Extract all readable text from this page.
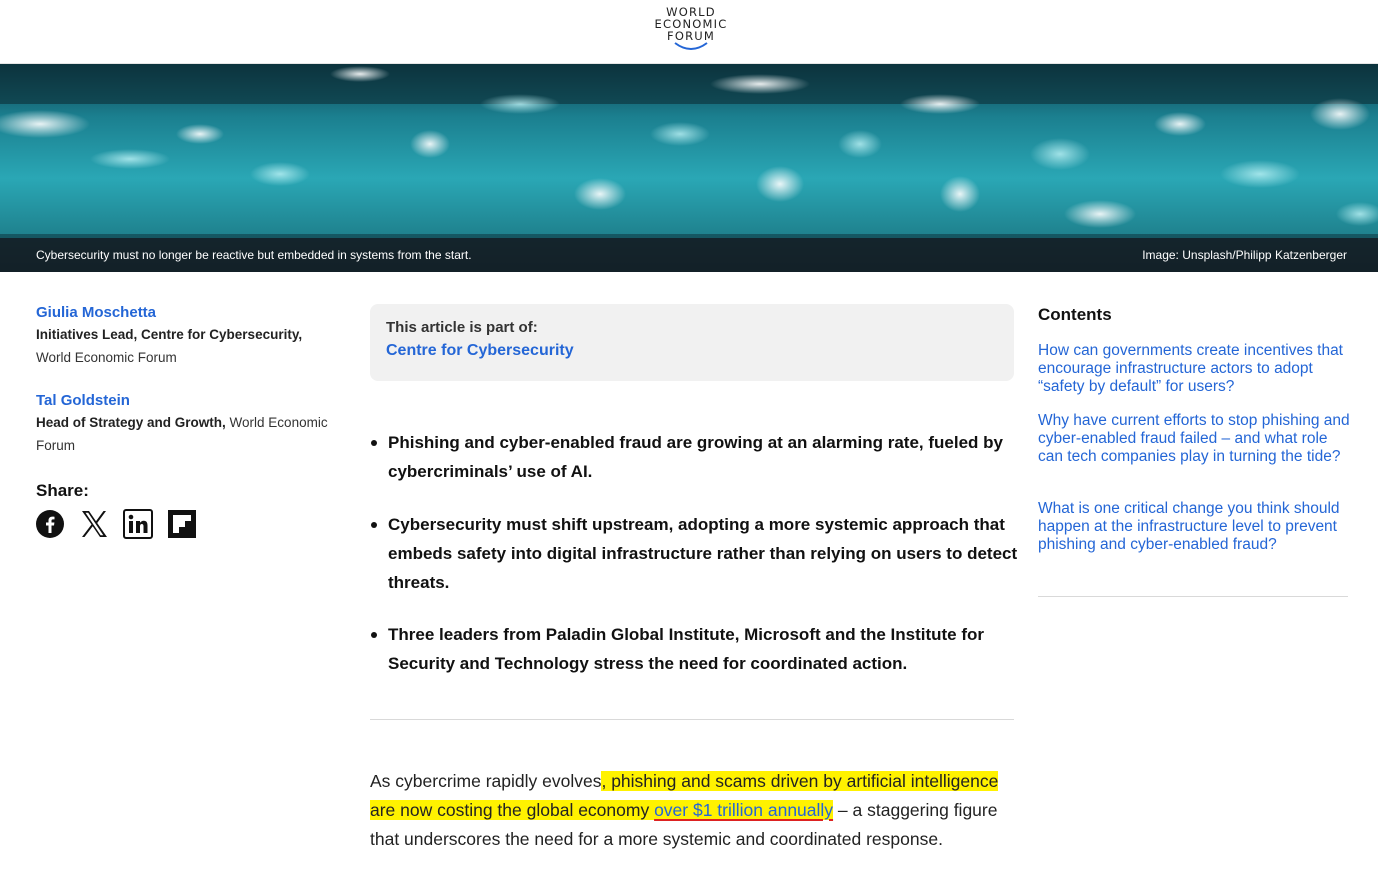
WORLD
ECONOMIC
FORUM
Cybersecurity must no longer be reactive but embedded in systems from the start.	Image: Unsplash/Philipp Katzenberger
Giulia Moschetta
Initiatives Lead, Centre for Cybersecurity,
World Economic Forum
Tal Goldstein
Head of Strategy and Growth, World Economic Forum
Share:
This article is part of:
Centre for Cybersecurity
Phishing and cyber-enabled fraud are growing at an alarming rate, fueled by cybercriminals’ use of AI.
Cybersecurity must shift upstream, adopting a more systemic approach that embeds safety into digital infrastructure rather than relying on users to detect threats.
Three leaders from Paladin Global Institute, Microsoft and the Institute for Security and Technology stress the need for coordinated action.
As cybercrime rapidly evolves, phishing and scams driven by artificial intelligence are now costing the global economy over $1 trillion annually – a staggering figure that underscores the need for a more systemic and coordinated response.
Contents
How can governments create incentives that encourage infrastructure actors to adopt “safety by default” for users?
Why have current efforts to stop phishing and cyber-enabled fraud failed – and what role can tech companies play in turning the tide?
What is one critical change you think should happen at the infrastructure level to prevent phishing and cyber-enabled fraud?
